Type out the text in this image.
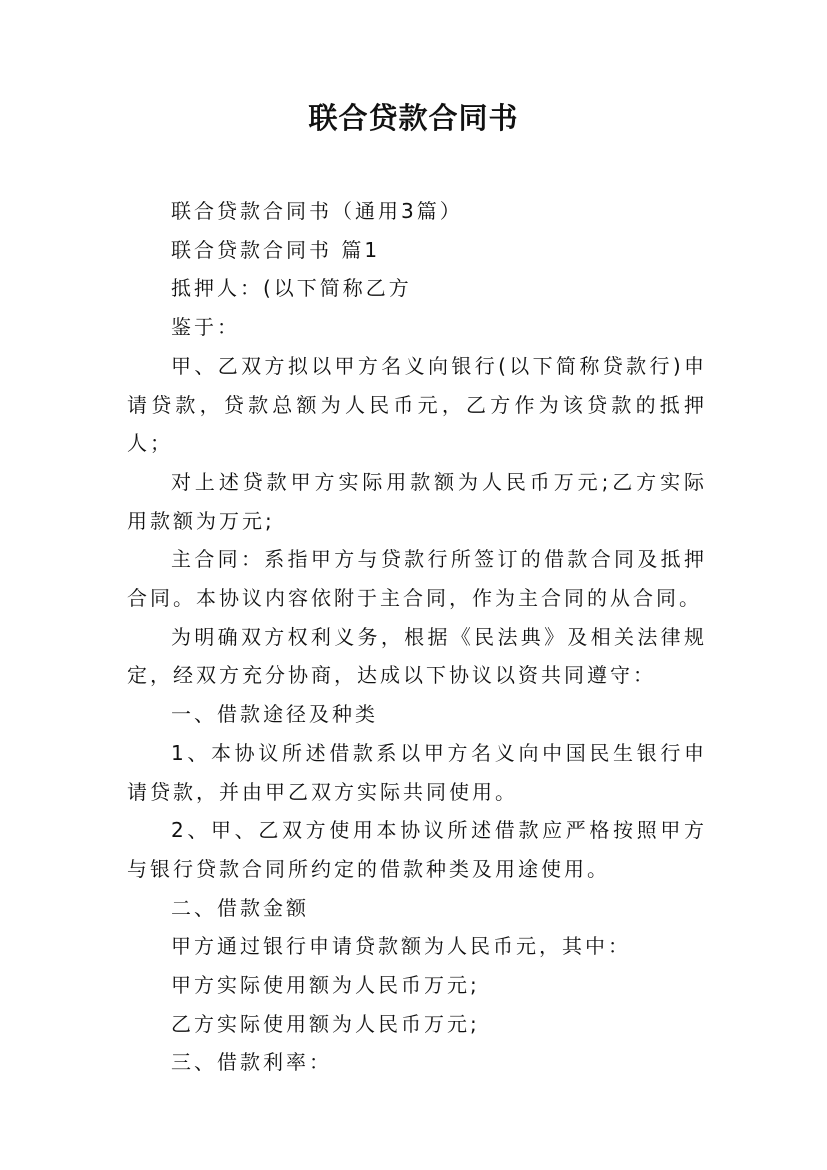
联合贷款合同书

联合贷款合同书（通用3篇）

联合贷款合同书 篇1

抵押人：(以下简称乙方

鉴于：

甲、乙双方拟以甲方名义向银行(以下简称贷款行)申请贷款，贷款总额为人民币元，乙方作为该贷款的抵押人；

对上述贷款甲方实际用款额为人民币万元;乙方实际用款额为万元;

主合同：系指甲方与贷款行所签订的借款合同及抵押合同。本协议内容依附于主合同，作为主合同的从合同。

为明确双方权利义务，根据《民法典》及相关法律规定，经双方充分协商，达成以下协议以资共同遵守：

一、借款途径及种类

1、本协议所述借款系以甲方名义向中国民生银行申请贷款，并由甲乙双方实际共同使用。

2、甲、乙双方使用本协议所述借款应严格按照甲方与银行贷款合同所约定的借款种类及用途使用。

二、借款金额

甲方通过银行申请贷款额为人民币元，其中：

甲方实际使用额为人民币万元;

乙方实际使用额为人民币万元;

三、借款利率：
